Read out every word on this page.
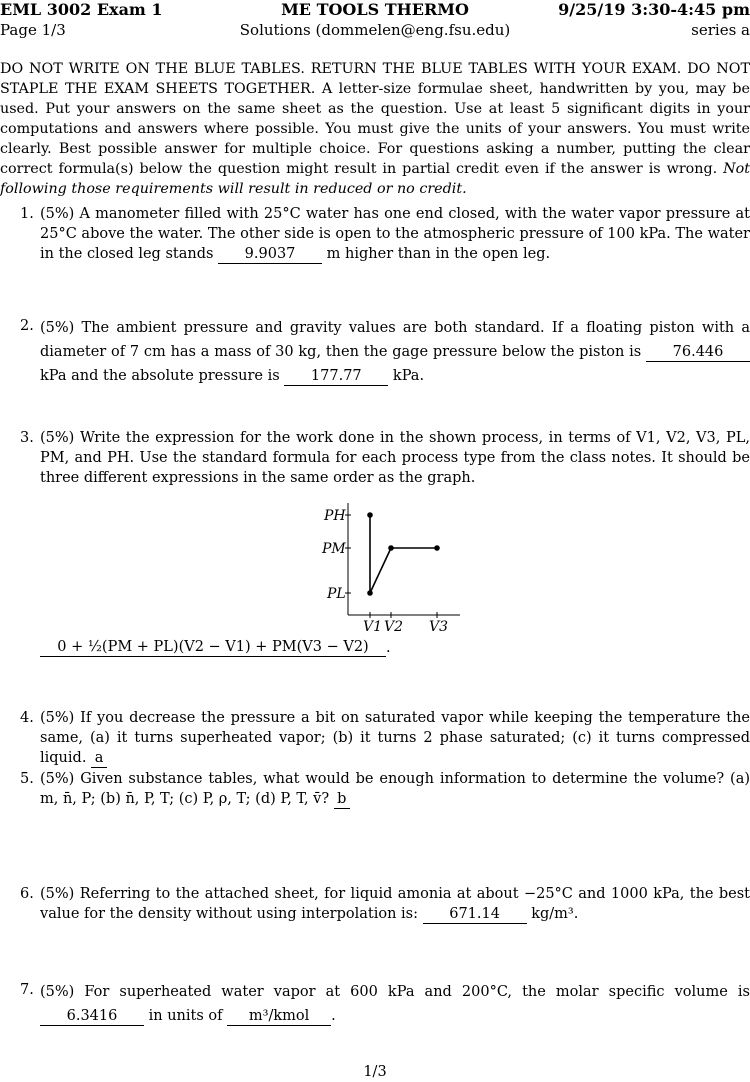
EML 3002 Exam 1	ME TOOLS THERMO	9/25/19 3:30-4:45 pm
Page 1/3	Solutions (dommelen@eng.fsu.edu)	series a
DO NOT WRITE ON THE BLUE TABLES. RETURN THE BLUE TABLES WITH YOUR EXAM. DO NOT STAPLE THE EXAM SHEETS TOGETHER. A letter-size formulae sheet, handwritten by you, may be used. Put your answers on the same sheet as the question. Use at least 5 significant digits in your computations and answers where possible. You must give the units of your answers. You must write clearly. Best possible answer for multiple choice. For questions asking a number, putting the clear correct formula(s) below the question might result in partial credit even if the answer is wrong. Not following those requirements will result in reduced or no credit.
1. (5%) A manometer filled with 25°C water has one end closed, with the water vapor pressure at 25°C above the water. The other side is open to the atmospheric pressure of 100 kPa. The water in the closed leg stands 9.9037 m higher than in the open leg.
2. (5%) The ambient pressure and gravity values are both standard. If a floating piston with a diameter of 7 cm has a mass of 30 kg, then the gage pressure below the piston is 76.446 kPa and the absolute pressure is 177.77 kPa.
3. (5%) Write the expression for the work done in the shown process, in terms of V1, V2, V3, PL, PM, and PH. Use the standard formula for each process type from the class notes. It should be three different expressions in the same order as the graph.
PH
PM
PL
V1 V2 V3
0 + ½(PM + PL)(V2 − V1) + PM(V3 − V2)	.
4. (5%) If you decrease the pressure a bit on saturated vapor while keeping the temperature the same, (a) it turns superheated vapor; (b) it turns 2 phase saturated; (c) it turns compressed liquid. a
5. (5%) Given substance tables, what would be enough information to determine the volume? (a) m, n̄, P; (b) n̄, P, T; (c) P, ρ, T; (d) P, T, v̄? b
6. (5%) Referring to the attached sheet, for liquid amonia at about −25°C and 1000 kPa, the best value for the density without using interpolation is: 671.14 kg/m³.
7. (5%) For superheated water vapor at 600 kPa and 200°C, the molar specific volume is 6.3416 in units of m³/kmol .
1/3
